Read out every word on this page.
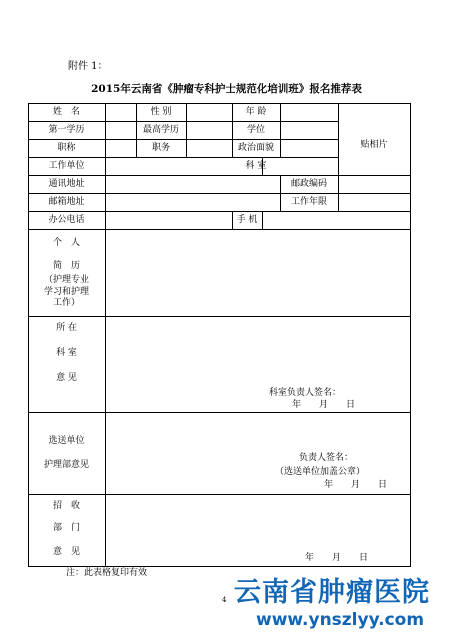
附件 1：
2015年云南省《肿瘤专科护士规范化培训班》报名推荐表
姓　名	性 别	年 龄
贴相片
第一学历	最高学历	学位
职称	职务	政治面貌
工作单位	科 室
通讯地址	邮政编码
邮箱地址	工作年限
办公电话	手 机
个　人
简　历
（护理专业
学习和护理
工作）
所 在
科 室
意 见
科室负责人签名：
年　　月　　日
选送单位
护理部意见
负责人签名：
（选送单位加盖公章）
年　　月　　日
招　收
部　门
意　见
年　　月　　日
注：此表格复印有效
4 云南省肿瘤医院
www.ynszlyy.com
